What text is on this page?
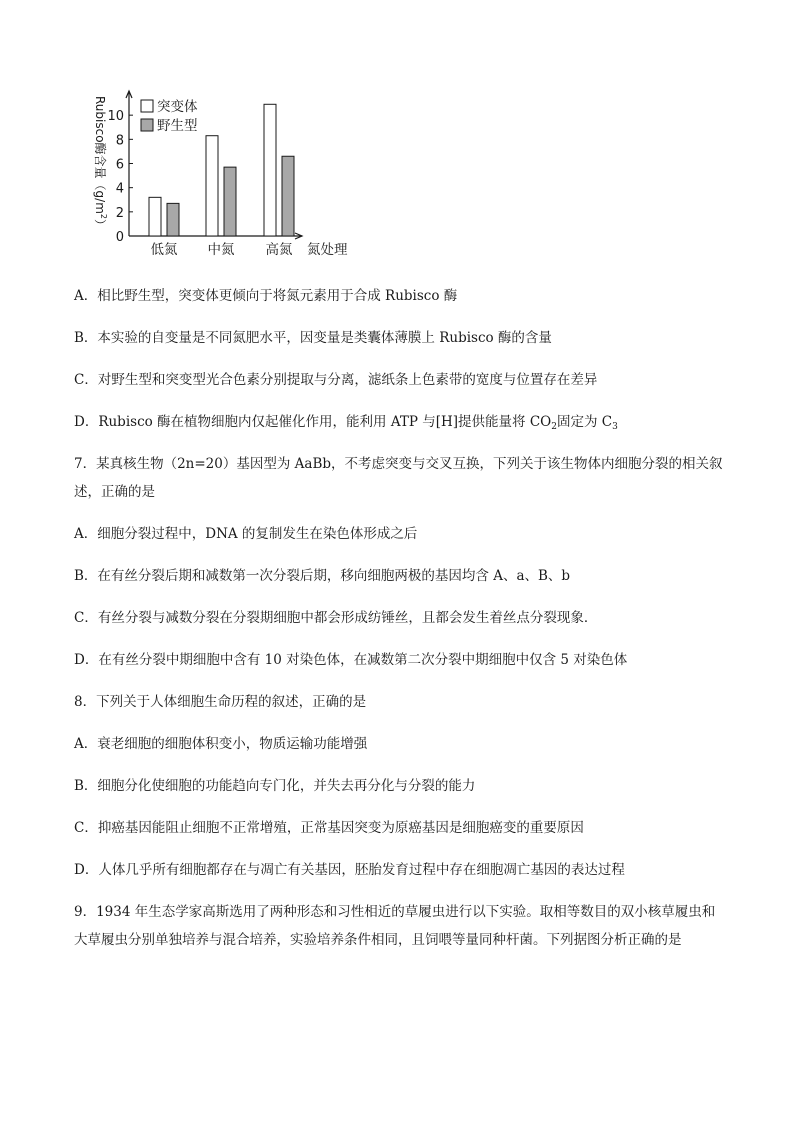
0
2
4
6
8
10
低氮 中氮 高氮 氮处理
Rubisco酶含量$(g/m^2)$
突变体
野生型
A．相比野生型，突变体更倾向于将氮元素用于合成 Rubisco 酶
B．本实验的自变量是不同氮肥水平，因变量是类囊体薄膜上 Rubisco 酶的含量
C．对野生型和突变型光合色素分别提取与分离，滤纸条上色素带的宽度与位置存在差异
D．Rubisco 酶在植物细胞内仅起催化作用，能利用 ATP 与[H]提供能量将 $CO_2$固定为 $C_3$
7．某真核生物（2n=20）基因型为 AaBb，不考虑突变与交叉互换，下列关于该生物体内细胞分裂的相关叙
述，正确的是
A．细胞分裂过程中，DNA 的复制发生在染色体形成之后
B．在有丝分裂后期和减数第一次分裂后期，移向细胞两极的基因均含 A、a、B、b
C．有丝分裂与减数分裂在分裂期细胞中都会形成纺锤丝，且都会发生着丝点分裂现象．
D．在有丝分裂中期细胞中含有 10 对染色体，在减数第二次分裂中期细胞中仅含 5 对染色体
8．下列关于人体细胞生命历程的叙述，正确的是
A．衰老细胞的细胞体积变小，物质运输功能增强
B．细胞分化使细胞的功能趋向专门化，并失去再分化与分裂的能力
C．抑癌基因能阻止细胞不正常增殖，正常基因突变为原癌基因是细胞癌变的重要原因
D．人体几乎所有细胞都存在与凋亡有关基因，胚胎发育过程中存在细胞凋亡基因的表达过程
9．1934 年生态学家高斯选用了两种形态和习性相近的草履虫进行以下实验。取相等数目的双小核草履虫和
大草履虫分别单独培养与混合培养，实验培养条件相同，且饲喂等量同种杆菌。下列据图分析正确的是
